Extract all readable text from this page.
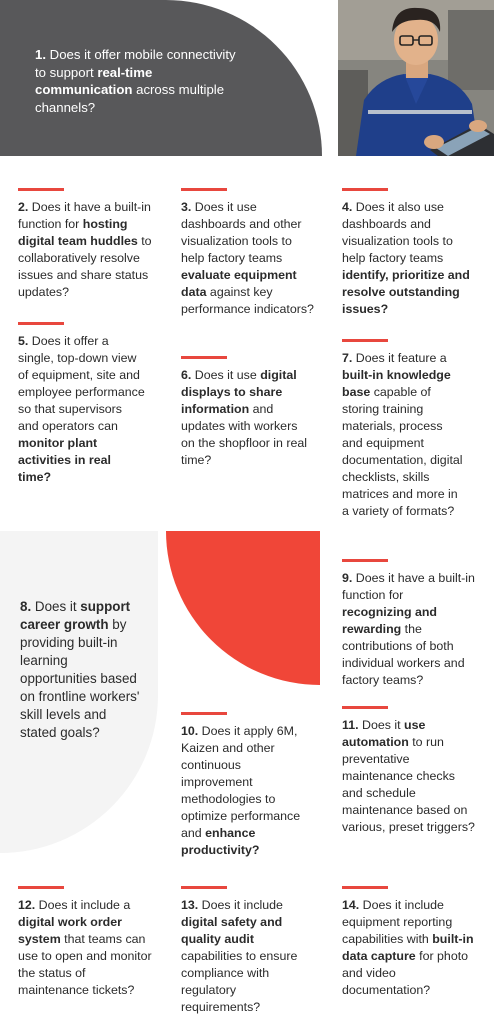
1. Does it offer mobile connectivity to support real-time communication across multiple channels?
2. Does it have a built-in function for hosting digital team huddles to collaboratively resolve issues and share status updates?
3. Does it use dashboards and other visualization tools to help factory teams evaluate equipment data against key performance indicators?
4. Does it also use dashboards and visualization tools to help factory teams identify, prioritize and resolve outstanding issues?
5. Does it offer a single, top-down view of equipment, site and employee performance so that supervisors and operators can monitor plant activities in real time?
6. Does it use digital displays to share information and updates with workers on the shopfloor in real time?
7. Does it feature a built-in knowledge base capable of storing training materials, process and equipment documentation, digital checklists, skills matrices and more in a variety of formats?
8. Does it support career growth by providing built-in learning opportunities based on frontline workers' skill levels and stated goals?
9. Does it have a built-in function for recognizing and rewarding the contributions of both individual workers and factory teams?
10. Does it apply 6M, Kaizen and other continuous improvement methodologies to optimize performance and enhance productivity?
11. Does it use automation to run preventative maintenance checks and schedule maintenance based on various, preset triggers?
12. Does it include a digital work order system that teams can use to open and monitor the status of maintenance tickets?
13. Does it include digital safety and quality audit capabilities to ensure compliance with regulatory requirements?
14. Does it include equipment reporting capabilities with built-in data capture for photo and video documentation?
